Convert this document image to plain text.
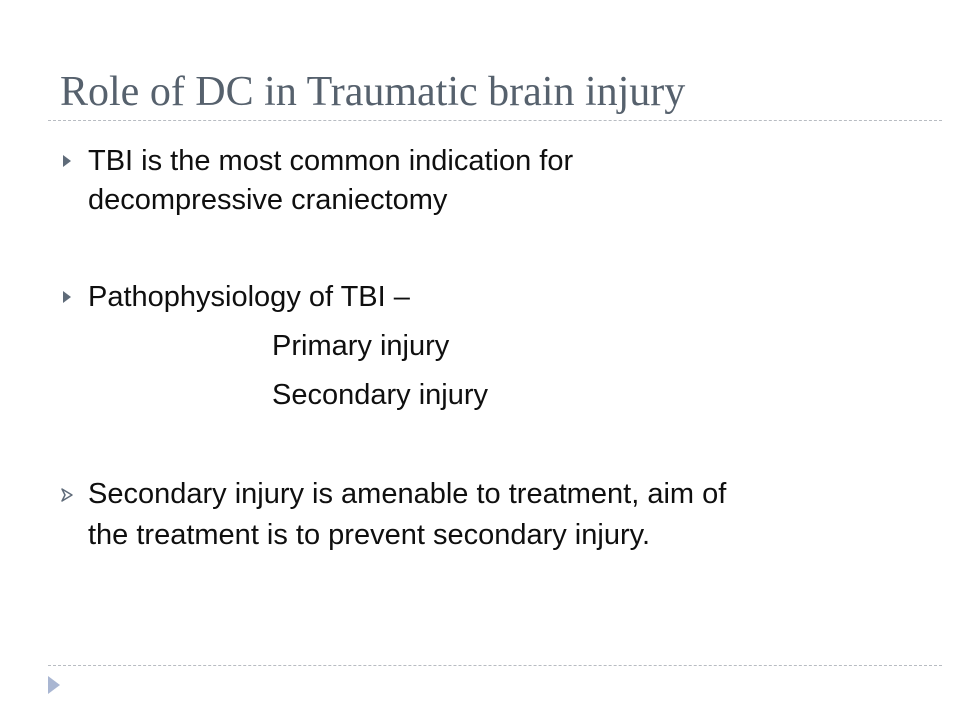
Role of DC in Traumatic brain injury
TBI is the most common indication for
decompressive craniectomy
Pathophysiology of TBI –
Primary injury
Secondary injury
Secondary injury is amenable to treatment, aim of
the treatment is to prevent secondary injury.
